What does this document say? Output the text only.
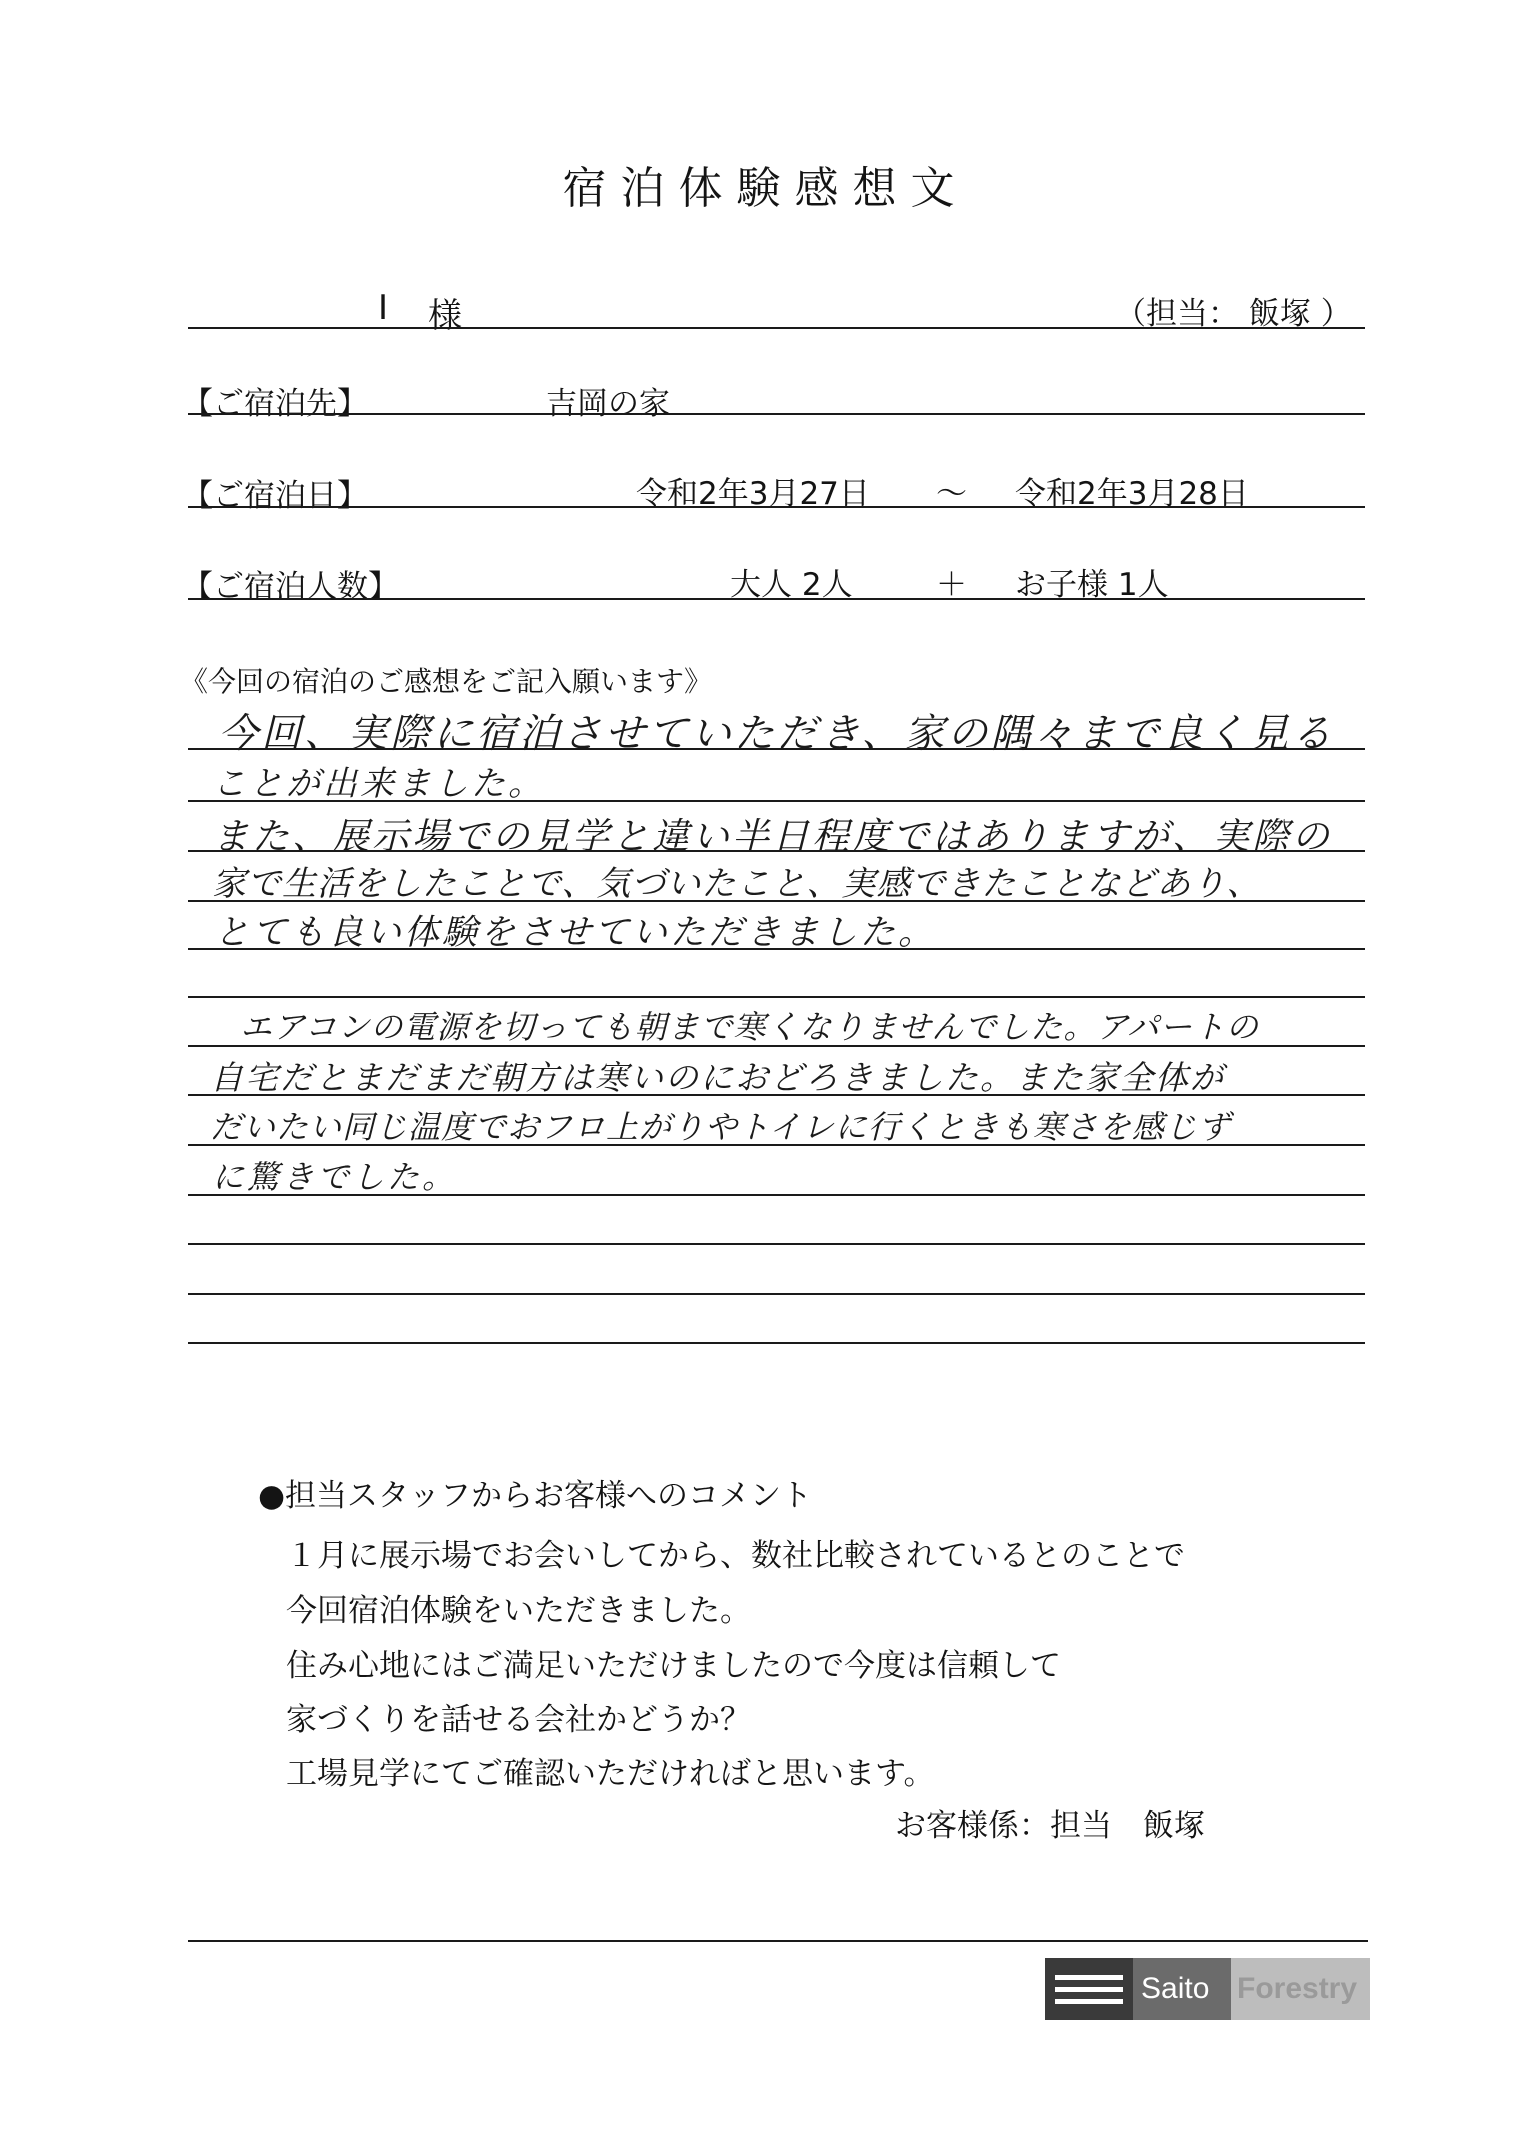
宿泊体験感想文
I 様	（担当： 飯塚 ）
【ご宿泊先】	吉岡の家
【ご宿泊日】	令和2年3月27日 〜 令和2年3月28日
【ご宿泊人数】	大人 2人	＋ お子様 1人
《今回の宿泊のご感想をご記入願います》
今回、実際に宿泊させていただき、家の隅々まで良く見る
ことが出来ました。
また、展示場での見学と違い半日程度ではありますが、実際の
家で生活をしたことで、気づいたこと、実感できたことなどあり、
とても良い体験をさせていただきました。
エアコンの電源を切っても朝まで寒くなりませんでした。アパートの
自宅だとまだまだ朝方は寒いのにおどろきました。また家全体が
だいたい同じ温度でおフロ上がりやトイレに行くときも寒さを感じず
に驚きでした。
●担当スタッフからお客様へのコメント
１月に展示場でお会いしてから、数社比較されているとのことで
今回宿泊体験をいただきました。
住み心地にはご満足いただけましたので今度は信頼して
家づくりを話せる会社かどうか？
工場見学にてご確認いただければと思います。
お客様係：担当　飯塚
Saito Forestry
